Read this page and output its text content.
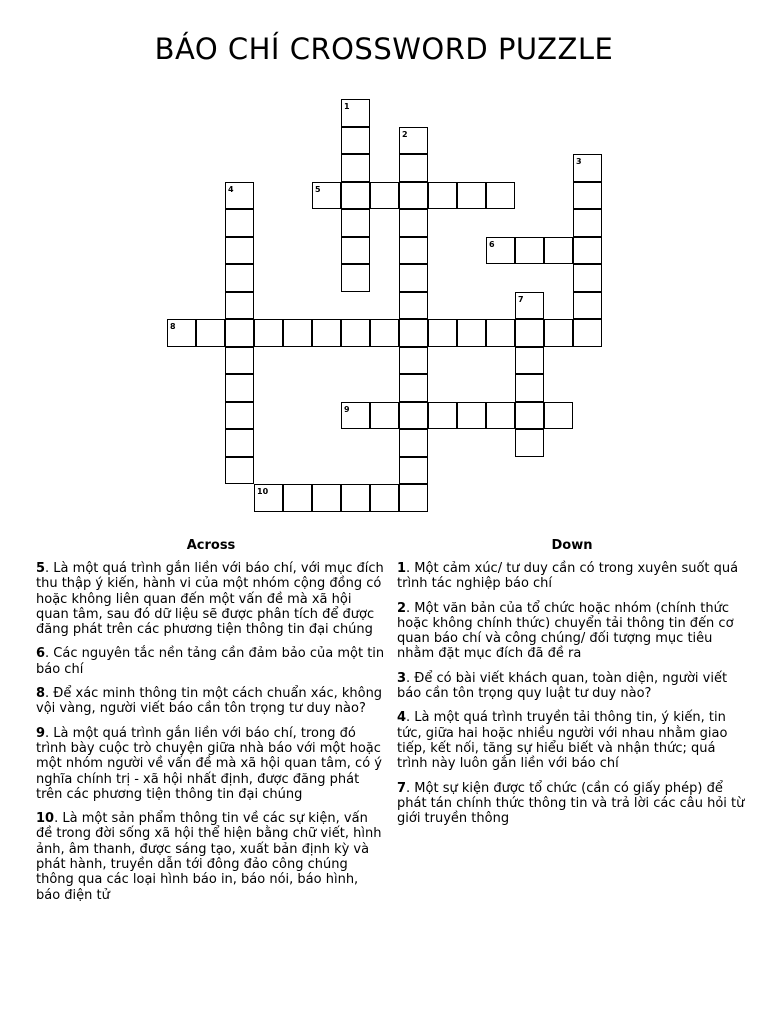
BÁO CHÍ CROSSWORD PUZZLE
1
2
3
4	5
6
7
8
9
10
Across
5. Là một quá trình gắn liền với báo chí, với mục đích thu thập ý kiến, hành vi của một nhóm cộng đồng có hoặc không liên quan đến một vấn đề mà xã hội quan tâm, sau đó dữ liệu sẽ được phân tích để được đăng phát trên các phương tiện thông tin đại chúng
6. Các nguyên tắc nền tảng cần đảm bảo của một tin báo chí
8. Để xác minh thông tin một cách chuẩn xác, không vội vàng, người viết báo cần tôn trọng tư duy nào?
9. Là một quá trình gắn liền với báo chí, trong đó trình bày cuộc trò chuyện giữa nhà báo với một hoặc một nhóm người về vấn đề mà xã hội quan tâm, có ý nghĩa chính trị - xã hội nhất định, được đăng phát trên các phương tiện thông tin đại chúng
10. Là một sản phẩm thông tin về các sự kiện, vấn đề trong đời sống xã hội thể hiện bằng chữ viết, hình ảnh, âm thanh, được sáng tạo, xuất bản định kỳ và phát hành, truyền dẫn tới đông đảo công chúng thông qua các loại hình báo in, báo nói, báo hình, báo điện tử
Down
1. Một cảm xúc/ tư duy cần có trong xuyên suốt quá trình tác nghiệp báo chí
2. Một văn bản của tổ chức hoặc nhóm (chính thức hoặc không chính thức) chuyển tải thông tin đến cơ quan báo chí và công chúng/ đối tượng mục tiêu nhằm đặt mục đích đã đề ra
3. Để có bài viết khách quan, toàn diện, người viết báo cần tôn trọng quy luật tư duy nào?
4. Là một quá trình truyền tải thông tin, ý kiến, tin tức, giữa hai hoặc nhiều người với nhau nhằm giao tiếp, kết nối, tăng sự hiểu biết và nhận thức; quá trình này luôn gắn liền với báo chí
7. Một sự kiện được tổ chức (cần có giấy phép) để phát tán chính thức thông tin và trả lời các câu hỏi từ giới truyền thông
